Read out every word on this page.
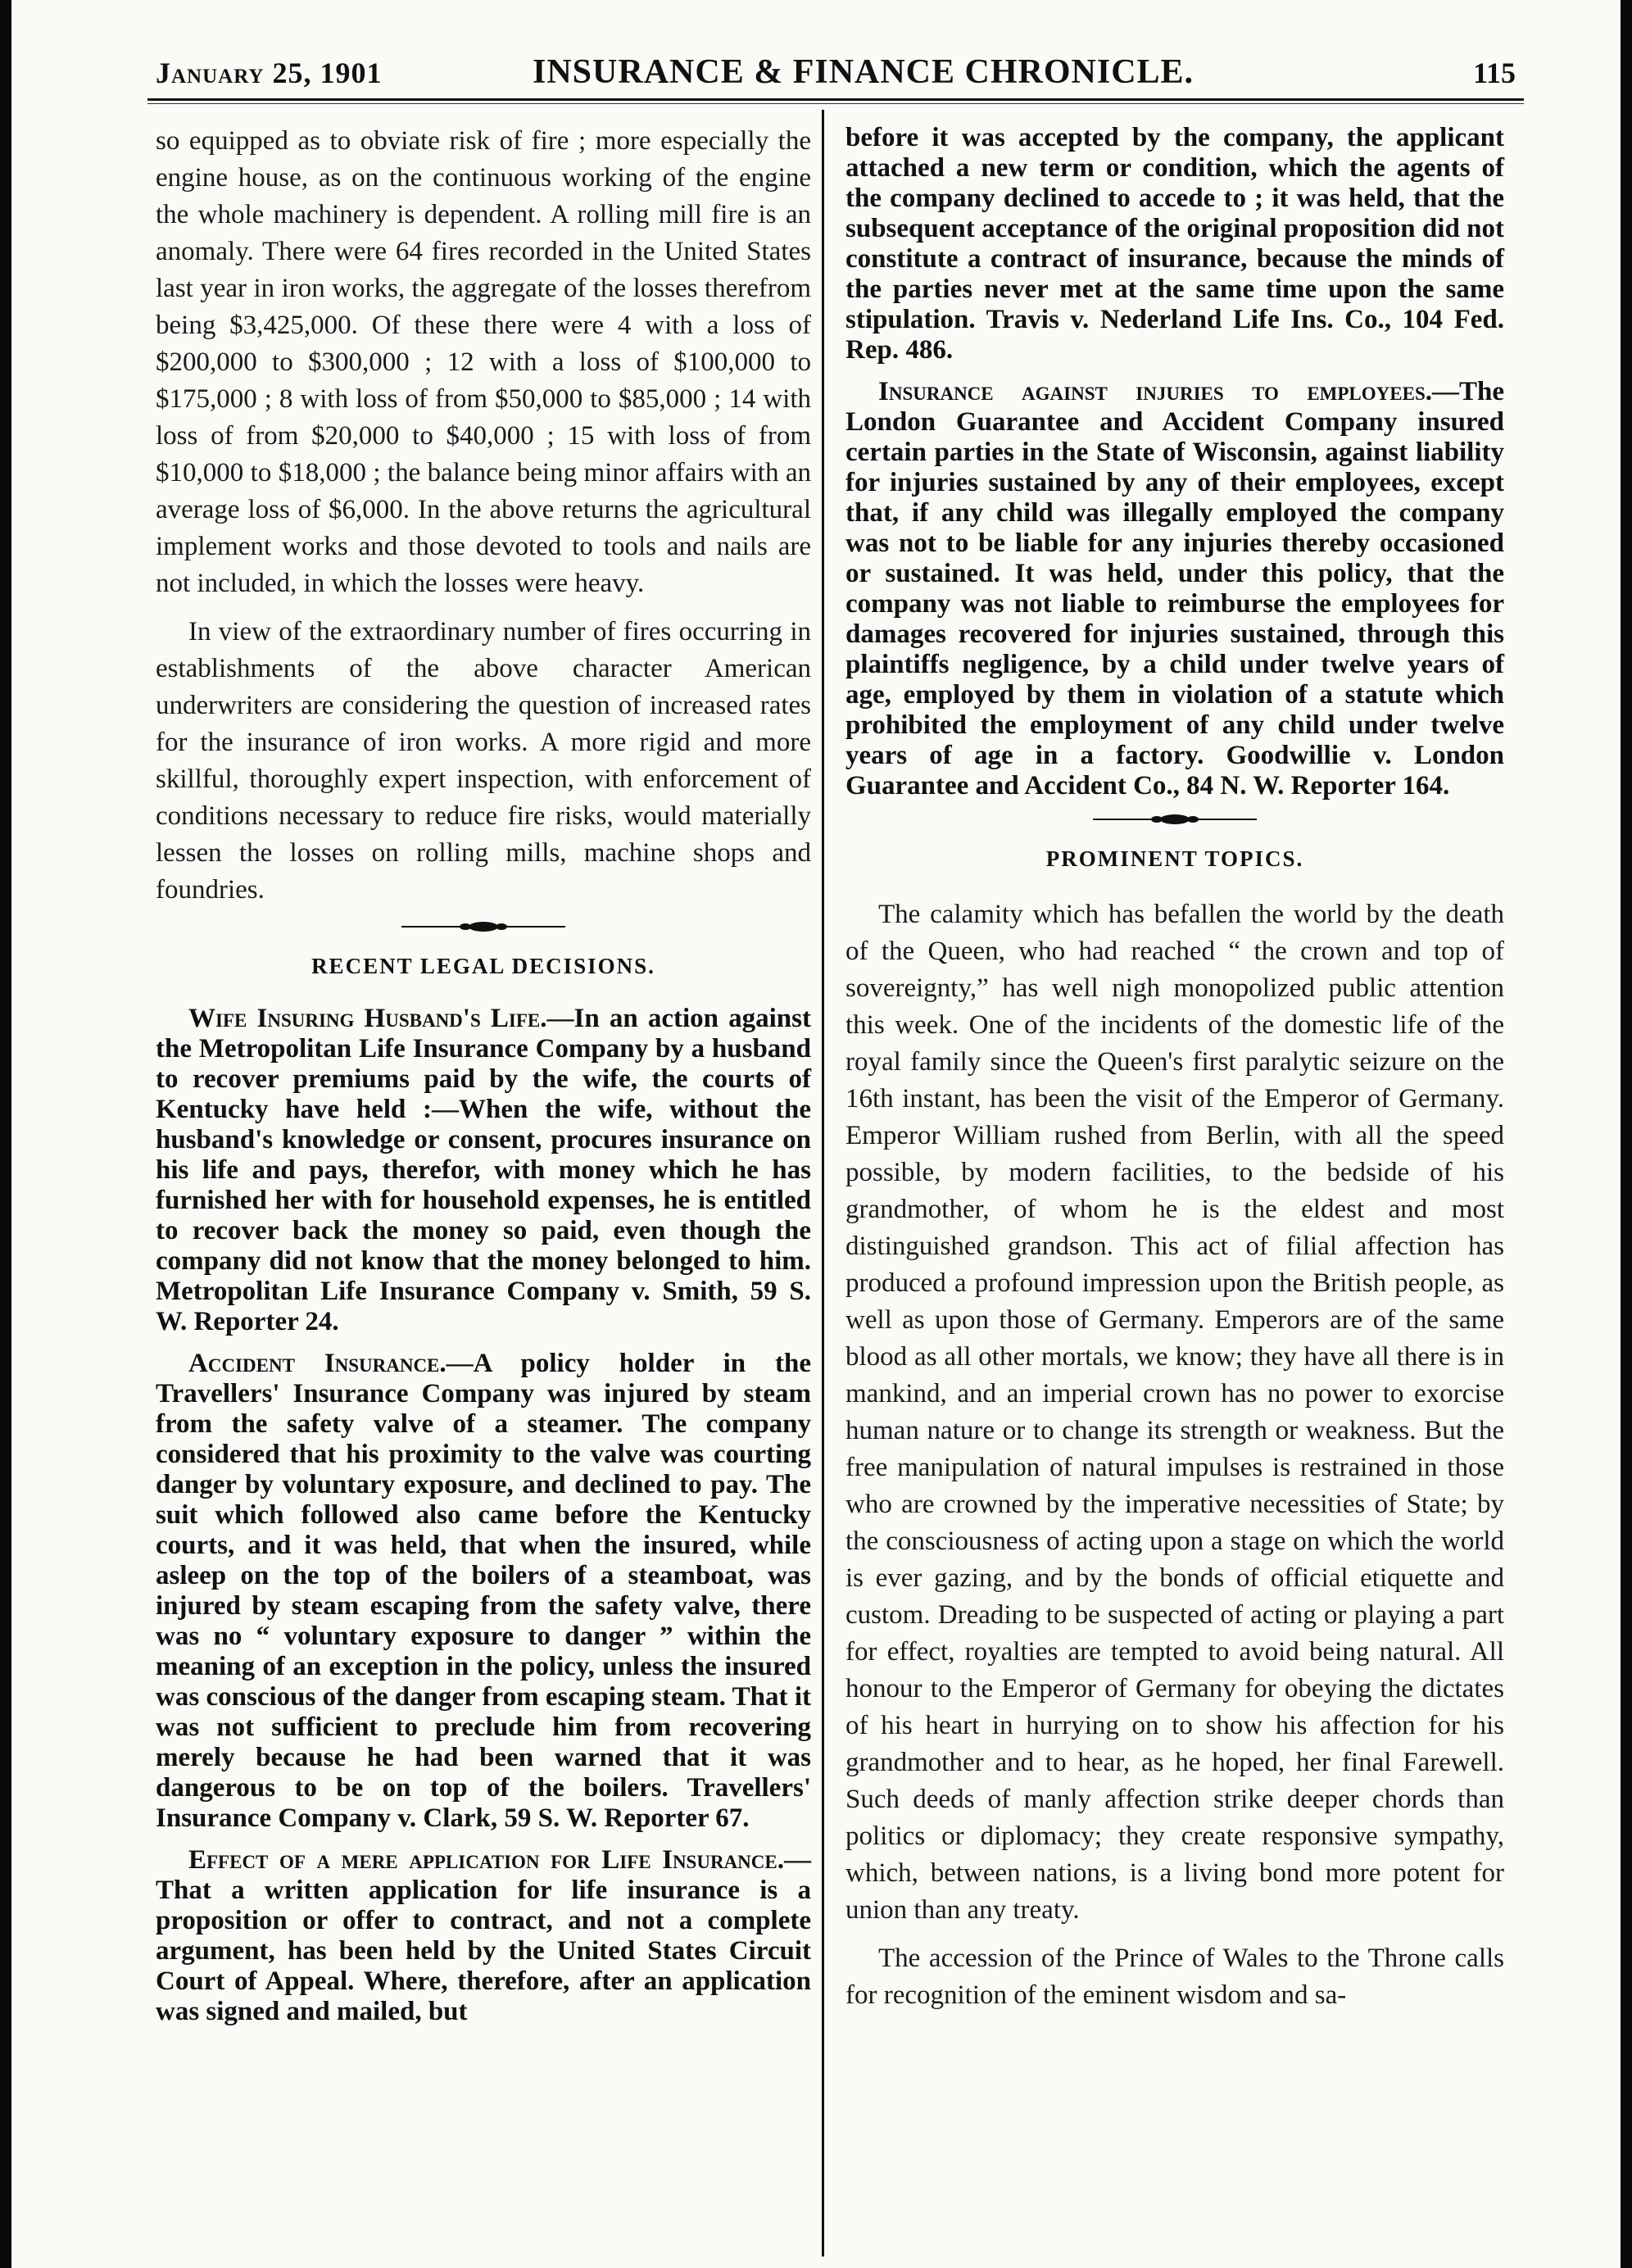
January 25, 1901	INSURANCE & FINANCE CHRONICLE.	115

so equipped as to obviate risk of fire ; more especially the engine house, as on the continuous working of the engine the whole machinery is dependent. A rolling mill fire is an anomaly. There were 64 fires recorded in the United States last year in iron works, the aggregate of the losses therefrom being $3,425,000. Of these there were 4 with a loss of $200,000 to $300,000 ; 12 with a loss of $100,000 to $175,000 ; 8 with loss of from $50,000 to $85,000 ; 14 with loss of from $20,000 to $40,000 ; 15 with loss of from $10,000 to $18,000 ; the balance being minor affairs with an average loss of $6,000. In the above returns the agricultural implement works and those devoted to tools and nails are not included, in which the losses were heavy.

In view of the extraordinary number of fires occurring in establishments of the above character American underwriters are considering the question of increased rates for the insurance of iron works. A more rigid and more skillful, thoroughly expert inspection, with enforcement of conditions necessary to reduce fire risks, would materially lessen the losses on rolling mills, machine shops and foundries.

RECENT LEGAL DECISIONS.

Wife Insuring Husband's Life.—In an action against the Metropolitan Life Insurance Company by a husband to recover premiums paid by the wife, the courts of Kentucky have held :—When the wife, without the husband's knowledge or consent, procures insurance on his life and pays, therefor, with money which he has furnished her with for household expenses, he is entitled to recover back the money so paid, even though the company did not know that the money belonged to him. Metropolitan Life Insurance Company v. Smith, 59 S. W. Reporter 24.

Accident Insurance.—A policy holder in the Travellers' Insurance Company was injured by steam from the safety valve of a steamer. The company considered that his proximity to the valve was courting danger by voluntary exposure, and declined to pay. The suit which followed also came before the Kentucky courts, and it was held, that when the insured, while asleep on the top of the boilers of a steamboat, was injured by steam escaping from the safety valve, there was no “ voluntary exposure to danger ” within the meaning of an exception in the policy, unless the insured was conscious of the danger from escaping steam. That it was not sufficient to preclude him from recovering merely because he had been warned that it was dangerous to be on top of the boilers. Travellers' Insurance Company v. Clark, 59 S. W. Reporter 67.

Effect of a mere application for Life Insurance.—That a written application for life insurance is a proposition or offer to contract, and not a complete argument, has been held by the United States Circuit Court of Appeal. Where, therefore, after an application was signed and mailed, but

before it was accepted by the company, the applicant attached a new term or condition, which the agents of the company declined to accede to ; it was held, that the subsequent acceptance of the original proposition did not constitute a contract of insurance, because the minds of the parties never met at the same time upon the same stipulation. Travis v. Nederland Life Ins. Co., 104 Fed. Rep. 486.

Insurance against injuries to employees.—The London Guarantee and Accident Company insured certain parties in the State of Wisconsin, against liability for injuries sustained by any of their employees, except that, if any child was illegally employed the company was not to be liable for any injuries thereby occasioned or sustained. It was held, under this policy, that the company was not liable to reimburse the employees for damages recovered for injuries sustained, through this plaintiffs negligence, by a child under twelve years of age, employed by them in violation of a statute which prohibited the employment of any child under twelve years of age in a factory. Goodwillie v. London Guarantee and Accident Co., 84 N. W. Reporter 164.

PROMINENT TOPICS.

The calamity which has befallen the world by the death of the Queen, who had reached “ the crown and top of sovereignty,” has well nigh monopolized public attention this week. One of the incidents of the domestic life of the royal family since the Queen's first paralytic seizure on the 16th instant, has been the visit of the Emperor of Germany. Emperor William rushed from Berlin, with all the speed possible, by modern facilities, to the bedside of his grandmother, of whom he is the eldest and most distinguished grandson. This act of filial affection has produced a profound impression upon the British people, as well as upon those of Germany. Emperors are of the same blood as all other mortals, we know; they have all there is in mankind, and an imperial crown has no power to exorcise human nature or to change its strength or weakness. But the free manipulation of natural impulses is restrained in those who are crowned by the imperative necessities of State; by the consciousness of acting upon a stage on which the world is ever gazing, and by the bonds of official etiquette and custom. Dreading to be suspected of acting or playing a part for effect, royalties are tempted to avoid being natural. All honour to the Emperor of Germany for obeying the dictates of his heart in hurrying on to show his affection for his grandmother and to hear, as he hoped, her final Farewell. Such deeds of manly affection strike deeper chords than politics or diplomacy; they create responsive sympathy, which, between nations, is a living bond more potent for union than any treaty.

The accession of the Prince of Wales to the Throne calls for recognition of the eminent wisdom and sa-
